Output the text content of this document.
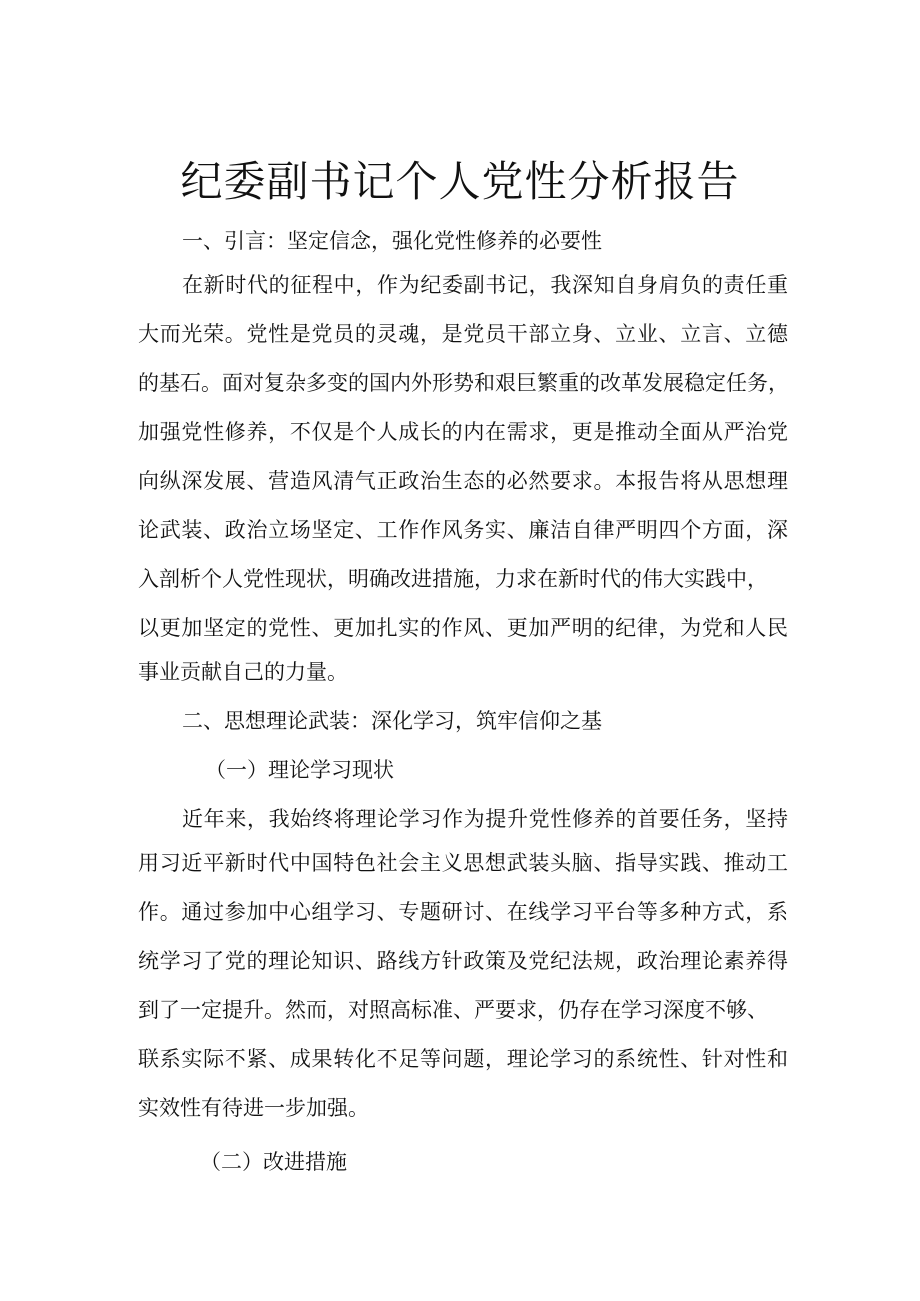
纪委副书记个人党性分析报告
一、引言：坚定信念，强化党性修养的必要性
在新时代的征程中，作为纪委副书记，我深知自身肩负的责任重
大而光荣。党性是党员的灵魂，是党员干部立身、立业、立言、立德
的基石。面对复杂多变的国内外形势和艰巨繁重的改革发展稳定任务，
加强党性修养，不仅是个人成长的内在需求，更是推动全面从严治党
向纵深发展、营造风清气正政治生态的必然要求。本报告将从思想理
论武装、政治立场坚定、工作作风务实、廉洁自律严明四个方面，深
入剖析个人党性现状，明确改进措施，力求在新时代的伟大实践中，
以更加坚定的党性、更加扎实的作风、更加严明的纪律，为党和人民
事业贡献自己的力量。
二、思想理论武装：深化学习，筑牢信仰之基
（一）理论学习现状
近年来，我始终将理论学习作为提升党性修养的首要任务，坚持
用习近平新时代中国特色社会主义思想武装头脑、指导实践、推动工
作。通过参加中心组学习、专题研讨、在线学习平台等多种方式，系
统学习了党的理论知识、路线方针政策及党纪法规，政治理论素养得
到了一定提升。然而，对照高标准、严要求，仍存在学习深度不够、
联系实际不紧、成果转化不足等问题，理论学习的系统性、针对性和
实效性有待进一步加强。
（二）改进措施
